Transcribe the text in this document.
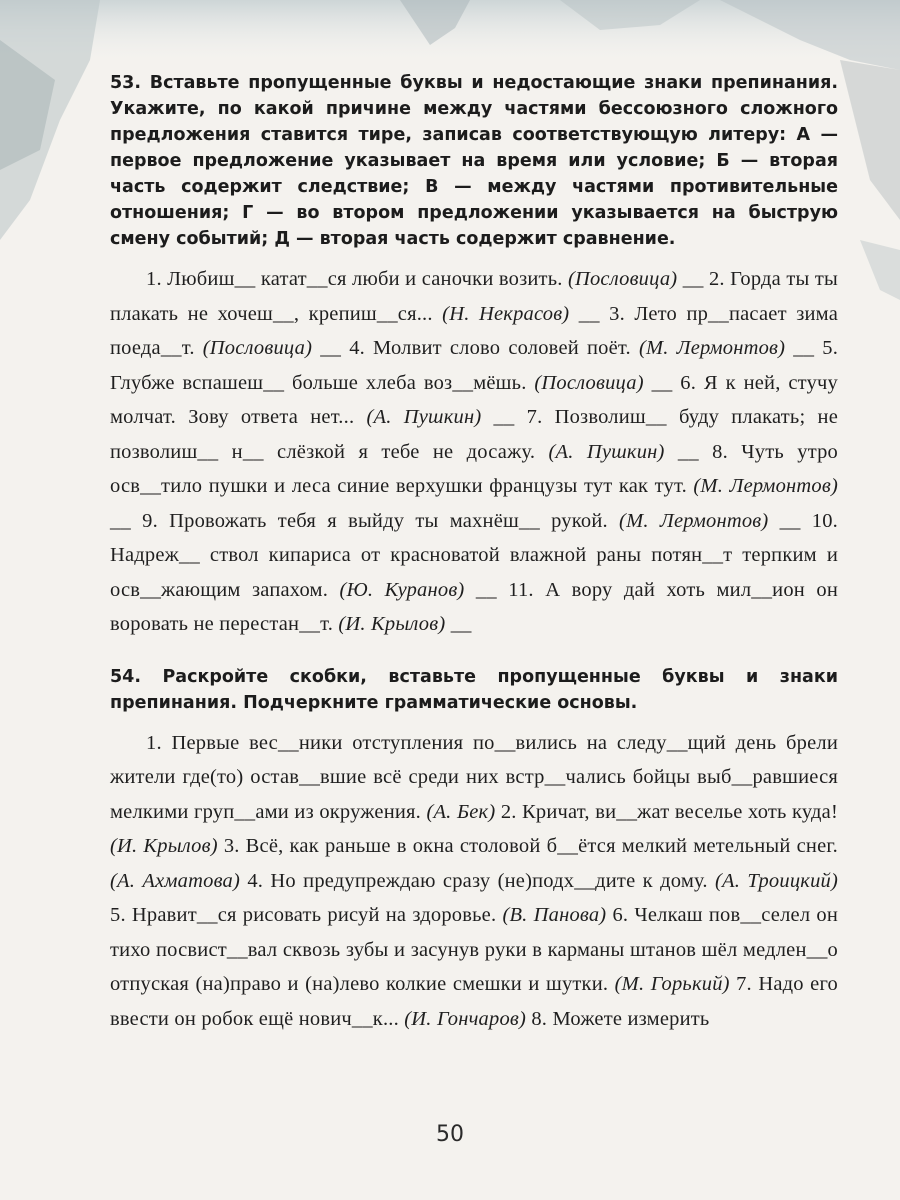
53. Вставьте пропущенные буквы и недостающие знаки препинания. Укажите, по какой причине между частями бессоюзного сложного предложения ставится тире, записав соответствующую литеру: А — первое предложение указывает на время или условие; Б — вторая часть содержит следствие; В — между частями противительные отношения; Г — во втором предложении указывается на быструю смену событий; Д — вторая часть содержит сравнение.

1. Любиш__ катат__ся люби и саночки возить. (Пословица) __ 2. Горда ты ты плакать не хочеш__, крепиш__ся... (Н. Некрасов) __ 3. Лето пр__пасает зима поеда__т. (Пословица) __ 4. Молвит слово соловей поёт. (М. Лермонтов) __ 5. Глубже вспашеш__ больше хлеба воз__мёшь. (Пословица) __ 6. Я к ней, стучу молчат. Зову ответа нет... (А. Пушкин) __ 7. Позволиш__ буду плакать; не позволиш__ н__ слёзкой я тебе не досажу. (А. Пушкин) __ 8. Чуть утро осв__тило пушки и леса синие верхушки французы тут как тут. (М. Лермонтов) __ 9. Провожать тебя я выйду ты махнёш__ рукой. (М. Лермонтов) __ 10. Надреж__ ствол кипариса от красноватой влажной раны потян__т терпким и осв__жающим запахом. (Ю. Куранов) __ 11. А вору дай хоть мил__ион он воровать не перестан__т. (И. Крылов) __

54. Раскройте скобки, вставьте пропущенные буквы и знаки препинания. Подчеркните грамматические основы.

1. Первые вес__ники отступления по__вились на следу__щий день брели жители где(то) остав__вшие всё среди них встр__чались бойцы выб__равшиеся мелкими груп__ами из окружения. (А. Бек) 2. Кричат, ви__жат веселье хоть куда! (И. Крылов) 3. Всё, как раньше в окна столовой б__ётся мелкий метельный снег. (А. Ахматова) 4. Но предупреждаю сразу (не)подх__дите к дому. (А. Троицкий) 5. Нравит__ся рисовать рисуй на здоровье. (В. Панова) 6. Челкаш пов__селел он тихо посвист__вал сквозь зубы и засунув руки в карманы штанов шёл медлен__о отпуская (на)право и (на)лево колкие смешки и шутки. (М. Горький) 7. Надо его ввести он робок ещё нович__к... (И. Гончаров) 8. Можете измерить

50
